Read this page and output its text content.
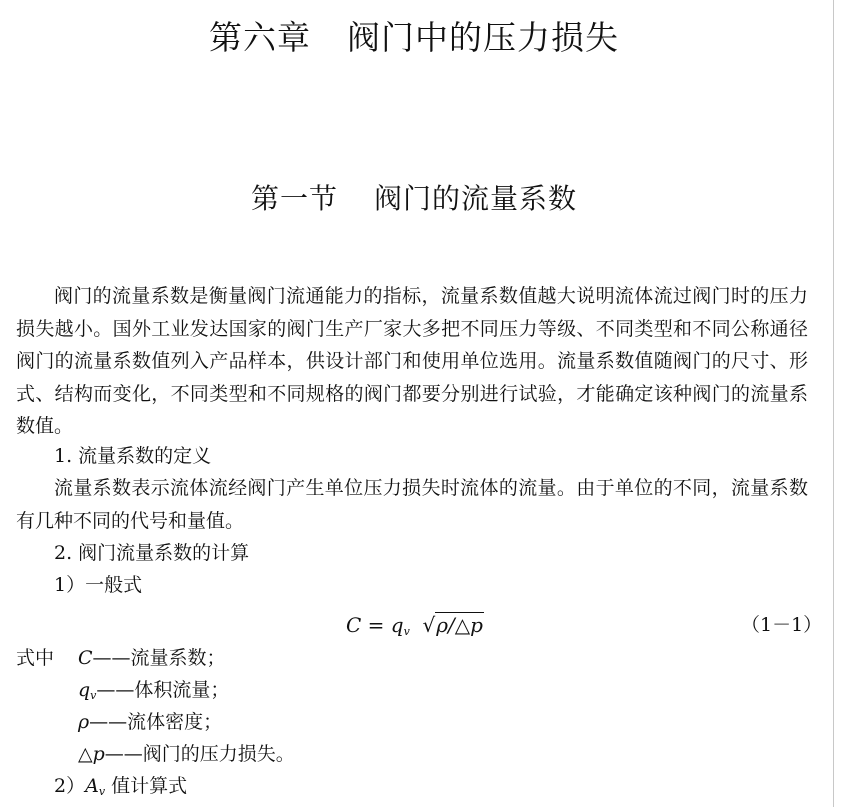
第六章 阀门中的压力损失
第一节 阀门的流量系数
阀门的流量系数是衡量阀门流通能力的指标，流量系数值越大说明流体流过阀门时的压力损失越小。国外工业发达国家的阀门生产厂家大多把不同压力等级、不同类型和不同公称通径阀门的流量系数值列入产品样本，供设计部门和使用单位选用。流量系数值随阀门的尺寸、形式、结构而变化，不同类型和不同规格的阀门都要分别进行试验，才能确定该种阀门的流量系数值。
1. 流量系数的定义
流量系数表示流体流经阀门产生单位压力损失时流体的流量。由于单位的不同，流量系数有几种不同的代号和量值。
2. 阀门流量系数的计算
1）一般式
$C = q_v$ √ρ/△p	（1－1）
式中 C——流量系数；
$q_v——$体积流量；
ρ——流体密度；
△p——阀门的压力损失。
$2)A_v$ 值计算式
